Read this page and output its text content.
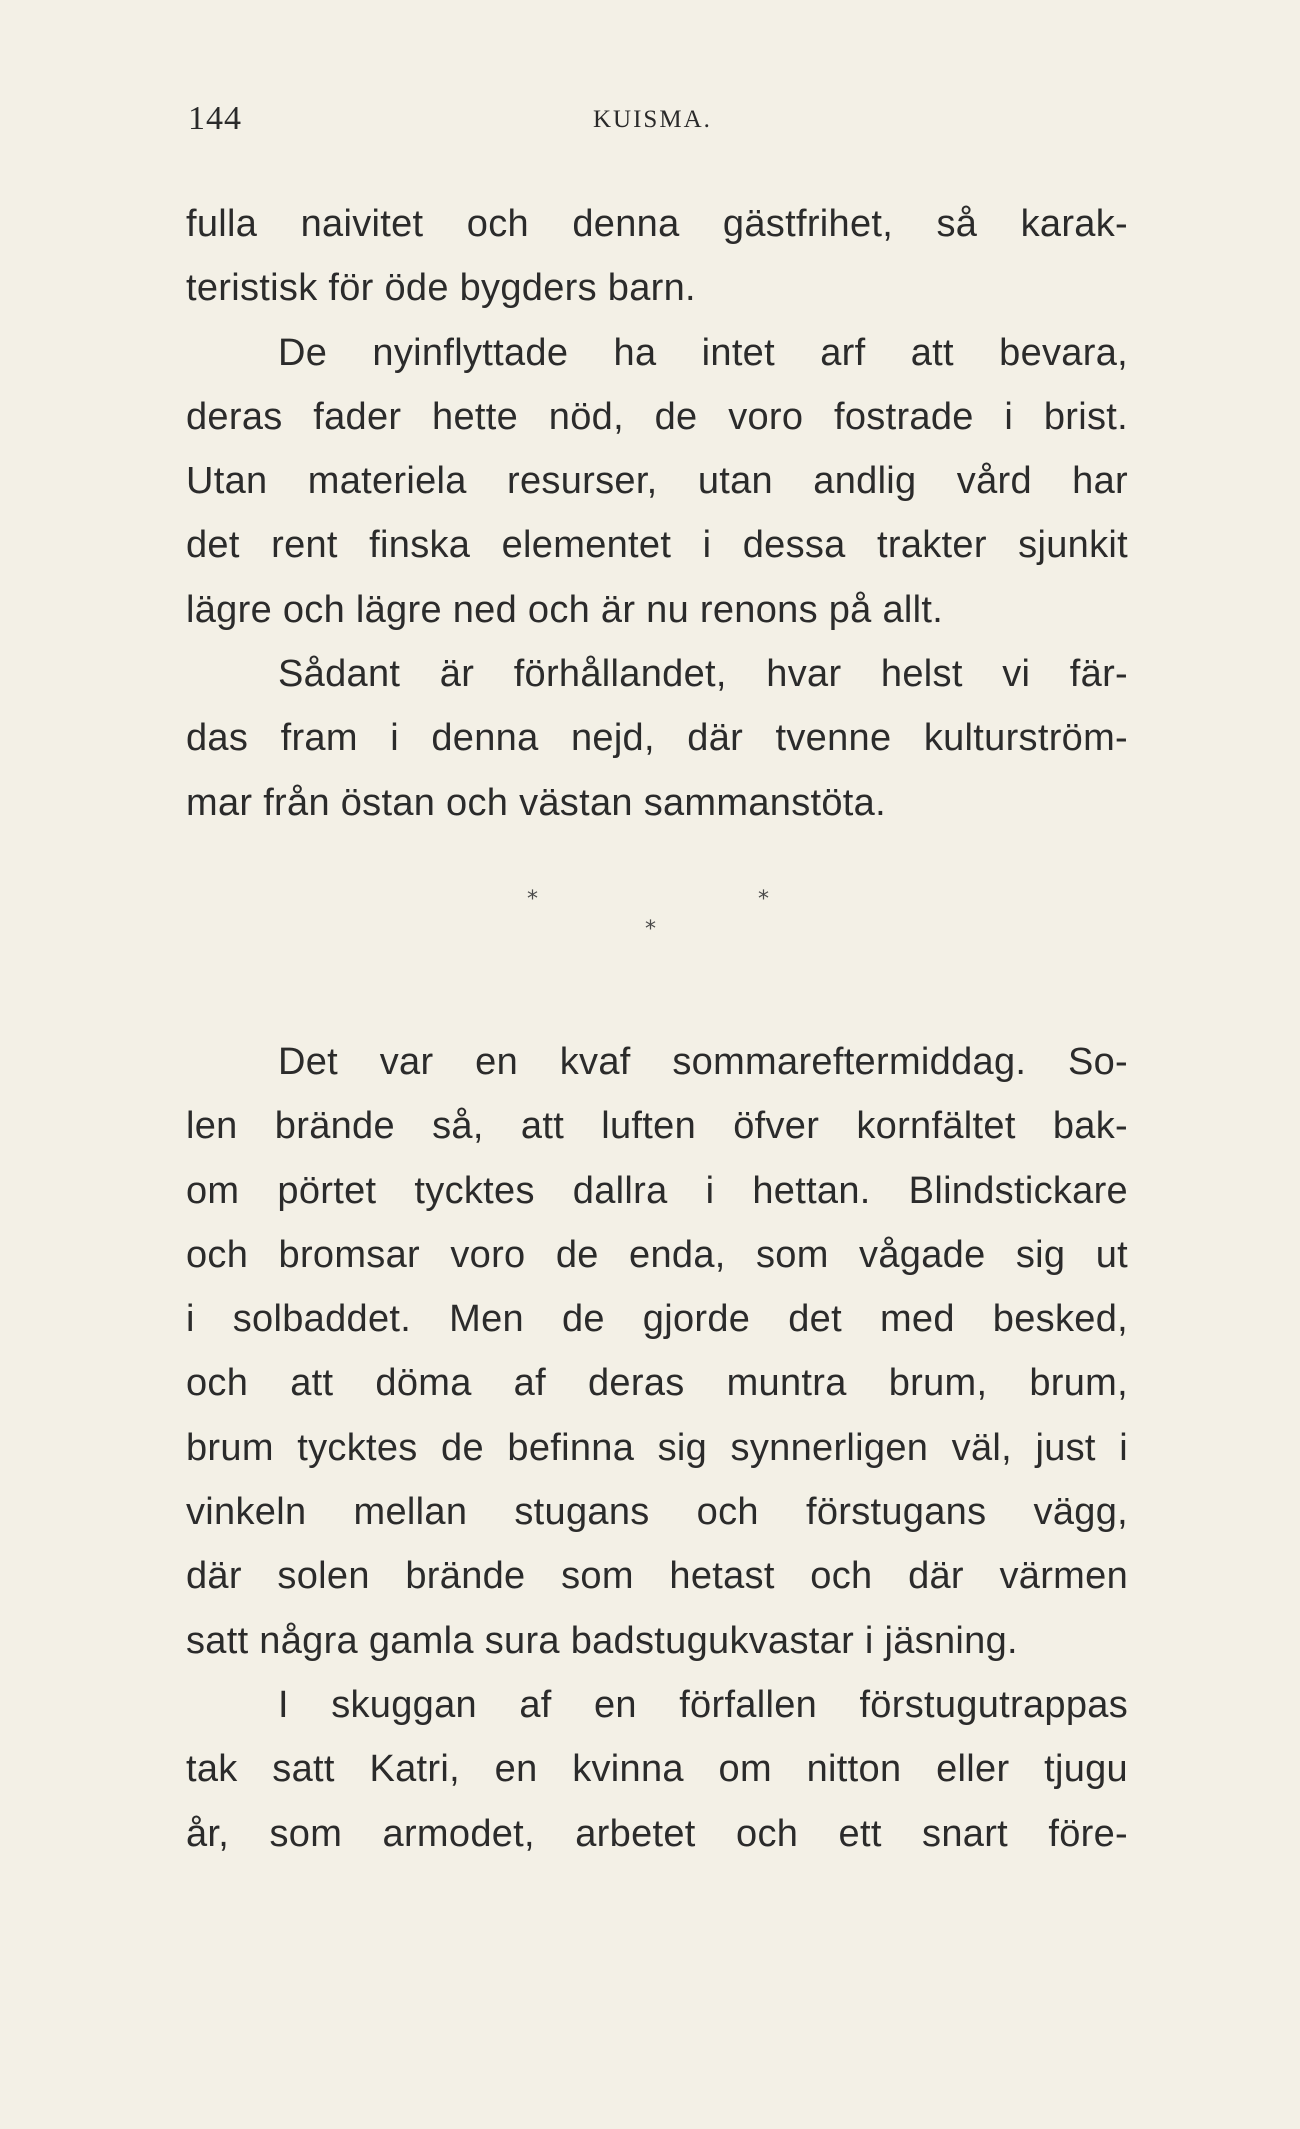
144	KUISMA.
fulla naivitet och denna gästfrihet, så karak-
teristisk för öde bygders barn.
De nyinflyttade ha intet arf att bevara,
deras fader hette nöd, de voro fostrade i brist.
Utan materiela resurser, utan andlig vård har
det rent finska elementet i dessa trakter sjunkit
lägre och lägre ned och är nu renons på allt.
Sådant är förhållandet, hvar helst vi fär-
das fram i denna nejd, där tvenne kulturström-
mar från östan och västan sammanstöta.
*	*
*
Det var en kvaf sommareftermiddag. So-
len brände så, att luften öfver kornfältet bak-
om pörtet tycktes dallra i hettan. Blindstickare
och bromsar voro de enda, som vågade sig ut
i solbaddet. Men de gjorde det med besked,
och att döma af deras muntra brum, brum,
brum tycktes de befinna sig synnerligen väl, just i
vinkeln mellan stugans och förstugans vägg,
där solen brände som hetast och där värmen
satt några gamla sura badstugukvastar i jäsning.
I skuggan af en förfallen förstugutrappas
tak satt Katri, en kvinna om nitton eller tjugu
år, som armodet, arbetet och ett snart före-
